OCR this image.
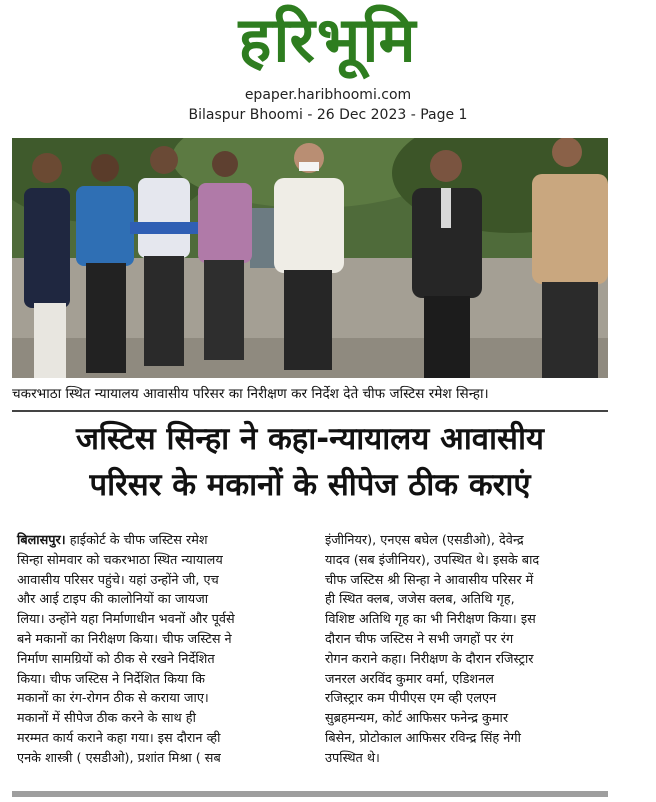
हरिभूमि
epaper.haribhoomi.com
Bilaspur Bhoomi - 26 Dec 2023 - Page 1
चकरभाठा स्थित न्यायालय आवासीय परिसर का निरीक्षण कर निर्देश देते चीफ जस्टिस रमेश सिन्हा।
जस्टिस सिन्हा ने कहा-न्यायालय आवासीय
परिसर के मकानों के सीपेज ठीक कराएं
बिलासपुर। हाईकोर्ट के चीफ जस्टिस रमेश
सिन्हा सोमवार को चकरभाठा स्थित न्यायालय
आवासीय परिसर पहुंचे। यहां उन्होंने जी, एच
और आई टाइप की कालोनियों का जायजा
लिया। उन्होंने यहा निर्माणाधीन भवनों और पूर्वसे
बने मकानों का निरीक्षण किया। चीफ जस्टिस ने
निर्माण सामग्रियों को ठीक से रखने निर्देशित
किया। चीफ जस्टिस ने निर्देशित किया कि
मकानों का रंग-रोगन ठीक से कराया जाए।
मकानों में सीपेज ठीक करने के साथ ही
मरम्मत कार्य कराने कहा गया। इस दौरान व्ही
एनके शास्त्री ( एसडीओ), प्रशांत मिश्रा ( सब
इंजीनियर), एनएस बघेल (एसडीओ), देवेन्द्र
यादव (सब इंजीनियर), उपस्थित थे। इसके बाद
चीफ जस्टिस श्री सिन्हा ने आवासीय परिसर में
ही स्थित क्लब, जजेस क्लब, अतिथि गृह,
विशिष्ट अतिथि गृह का भी निरीक्षण किया। इस
दौरान चीफ जस्टिस ने सभी जगहों पर रंग
रोगन कराने कहा। निरीक्षण के दौरान रजिस्ट्रार
जनरल अरविंद कुमार वर्मा, एडिशनल
रजिस्ट्रार कम पीपीएस एम व्ही एलएन
सुब्रहमन्यम, कोर्ट आफिसर फनेन्द्र कुमार
बिसेन, प्रोटोकाल आफिसर रविन्द्र सिंह नेगी
उपस्थित थे।
